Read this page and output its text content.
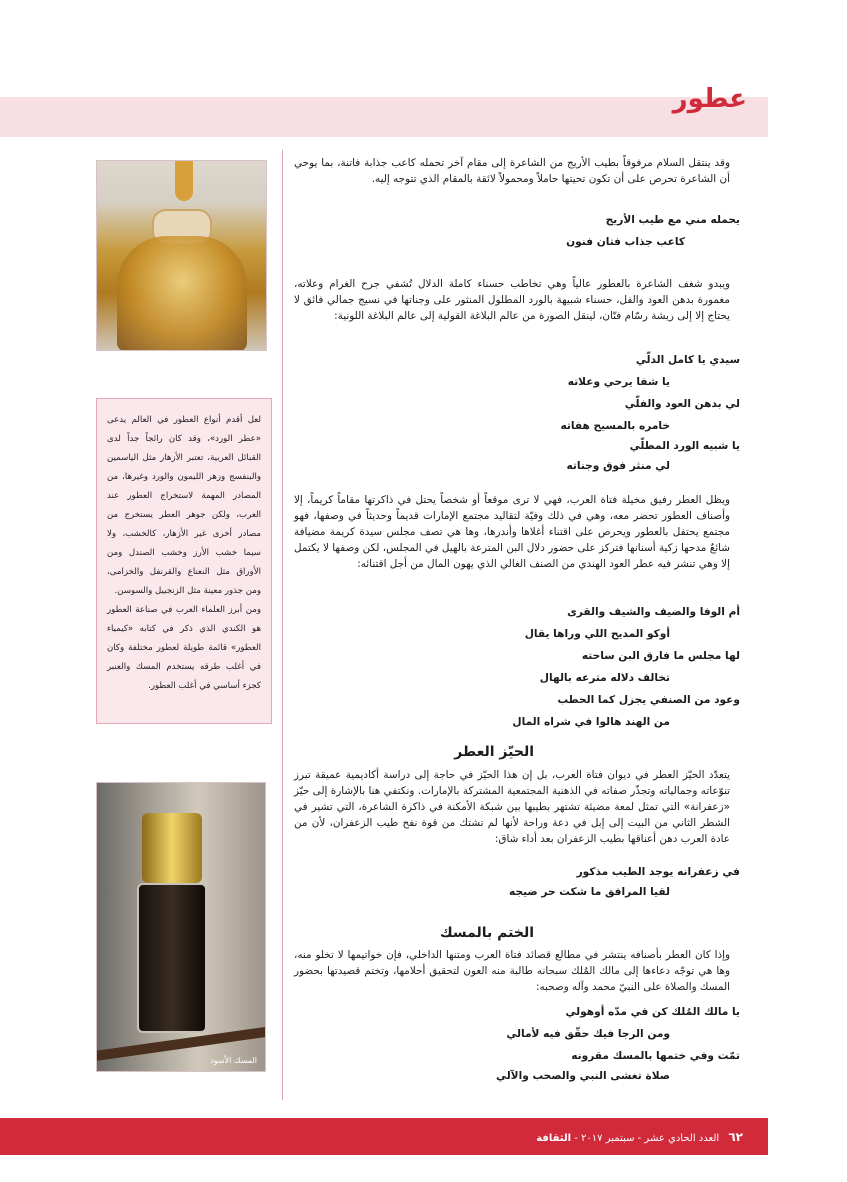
عطور

لعل أقدم أنواع العطور في العالم يدعى «عطر الورد»، وقد كان رائجاً جداً لدى القبائل العربية، تعتبر الأزهار مثل الياسمين والبنفسج وزهر الليمون والورد وغيرها، من المصادر المهمة لاستخراج العطور عند العرب، ولكن جوهر العطر يستخرج من مصادر أخرى غير الأزهار، كالخشب، ولا سيما خشب الأرز وخشب الصندل ومن الأوراق مثل النعناع والقرنفل والخزامى، ومن جذور معينة مثل الزنجبيل والسوسن.

ومن أبرز العلماء العرب في صناعة العطور هو الكندي الذي ذكر في كتابه «كيمياء العطور» قائمة طويلة لعطور مختلفة وكان في أغلب طرقه يستخدم المسك والعنبر كجزء أساسي في أغلب العطور.

المسك الأسود
وقد ينتقل السلام مرفوقاً بطيب الأريج من الشاعرة إلى مقام آخر تحمله كاعب جذابة فاتنة، بما يوحي أن الشاعرة تحرص على أن تكون تحيتها حاملاً ومحمولاً لائقة بالمقام الذي تتوجه إليه.
يحمله مني مع طيب الأريج
كاعب جذاب فتان فنون
ويبدو شغف الشاعرة بالعطور عالياً وهي تخاطب حسناء كاملة الدلال تُشفي جرح الغرام وعلاته، مغمورة بدهن العود والفل، حسناء شبيهة بالورد المطلول المنثور على وجناتها في نسيج جمالي فائق لا يحتاج إلا إلى ريشة رسّام فنّان، لينقل الصورة من عالم البلاغة القولية إلى عالم البلاغة اللونية:
سيدي يا كامل الدلّي
يا شفا يرحي وعلاته
لي بدهن العود والفلّي
خامره بالمسيح هفاته
يا شبيه الورد المطلّي
لي منثر فوق وجناته
ويظل العطر رفيق مخيلة فتاة العرب، فهي لا ترى موقعاً أو شخصاً يحتل في ذاكرتها مقاماً كريماً، إلا وأصناف العطور تحضر معه، وهي في ذلك وفيّة لتقاليد مجتمع الإمارات قديماً وحديثاً في وصفها، فهو مجتمع يحتفل بالعطور ويحرص على اقتناء أغلاها وأندرها، وها هي تصف مجلس سيدة كريمة مضيافة شائعٌ مدحها زكية أسنانها فتركز على حضور دلال البن المترعة بالهيل في المجلس، لكن وصفها لا يكتمل إلا وهي تنشر فيه عطر العود الهندي من الصنف الغالي الذي يهون المال من أجل اقتنائه:
أم الوفا والضيف والشيف والقرى
أوكو المديح اللي وراها يقال
لها مجلس ما فارق البن ساحته
تخالف دلاله مترعه بالهال
وعود من الصنفي يجزل كما الحطب
من الهند هالوا في شراه المال
الحيّز العطر
يتعدّد الحيّز العطر في ديوان فتاة العرب، بل إن هذا الحيّز في حاجة إلى دراسة أكاديمية عميقة تبرز تنوّعاته وجمالياته وتجذّر صفاته في الذهنية المجتمعية المشتركة بالإمارات. ونكتفي هنا بالإشارة إلى حيّز «زعفرانة» التي تمثل لمعة مضيئة تشتهر بطيبها بين شبكة الأمكنة في ذاكرة الشاعرة، التي تشير في الشطر الثاني من البيت إلى إبل في دعة وراحة لأنها لم تشتك من قوة نفح طيب الزعفران، لأن من عادة العرب دهن أعناقها بطيب الزعفران بعد أداء شاق:
في زعفرانه يوجد الطيب مذكور
لقيا المرافق ما شكت حر ضيجه
الختم بالمسك
وإذا كان العطر بأصنافه ينتشر في مطالع قصائد فتاة العرب ومتنها الداخلي، فإن خواتيمها لا تخلو منه، وها هي توجّه دعاءها إلى مالك المُلك سبحانه طالبة منه العون لتحقيق أحلامها، وتختم قصيدتها بحضور المسك والصلاة على النبيّ محمد وآله وصحبه:
يا مالك المُلك كن في مدّه أوهولي
ومن الرجا فيك حقّق فيه لأمالي
تمّت وفي ختمها بالمسك مقرونه
صلاة تغشى النبي والصحب والآلي
٦٢ العدد الحادي عشر - سبتمبر ٢٠١٧ - الثقافة
